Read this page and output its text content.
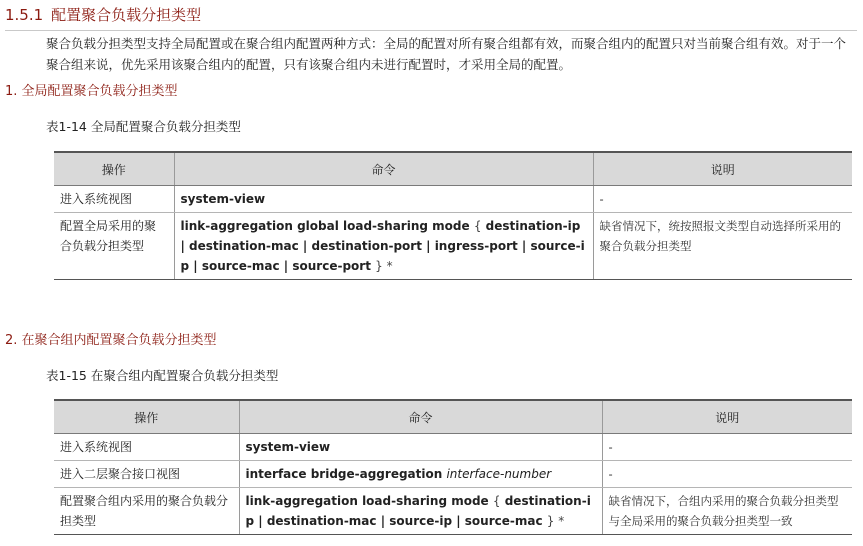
1.5.1 配置聚合负载分担类型
聚合负载分担类型支持全局配置或在聚合组内配置两种方式：全局的配置对所有聚合组都有效，而聚合组内的配置只对当前聚合组有效。对于一个聚合组来说，优先采用该聚合组内的配置，只有该聚合组内未进行配置时，才采用全局的配置。
1. 全局配置聚合负载分担类型
表1-14 全局配置聚合负载分担类型
操作	命令	说明
进入系统视图	system-view	-
配置全局采用的聚合负载分担类型	link-aggregation global load-sharing mode { destination-ip | destination-mac | destination-port | ingress-port | source-ip | source-mac | source-port } *	缺省情况下，统按照报文类型自动选择所采用的聚合负载分担类型
2. 在聚合组内配置聚合负载分担类型
表1-15 在聚合组内配置聚合负载分担类型
操作	命令	说明
进入系统视图	system-view	-
进入二层聚合接口视图	interface bridge-aggregation interface-number	-
配置聚合组内采用的聚合负载分担类型	link-aggregation load-sharing mode { destination-ip | destination-mac | source-ip | source-mac } *	缺省情况下，合组内采用的聚合负载分担类型与全局采用的聚合负载分担类型一致
